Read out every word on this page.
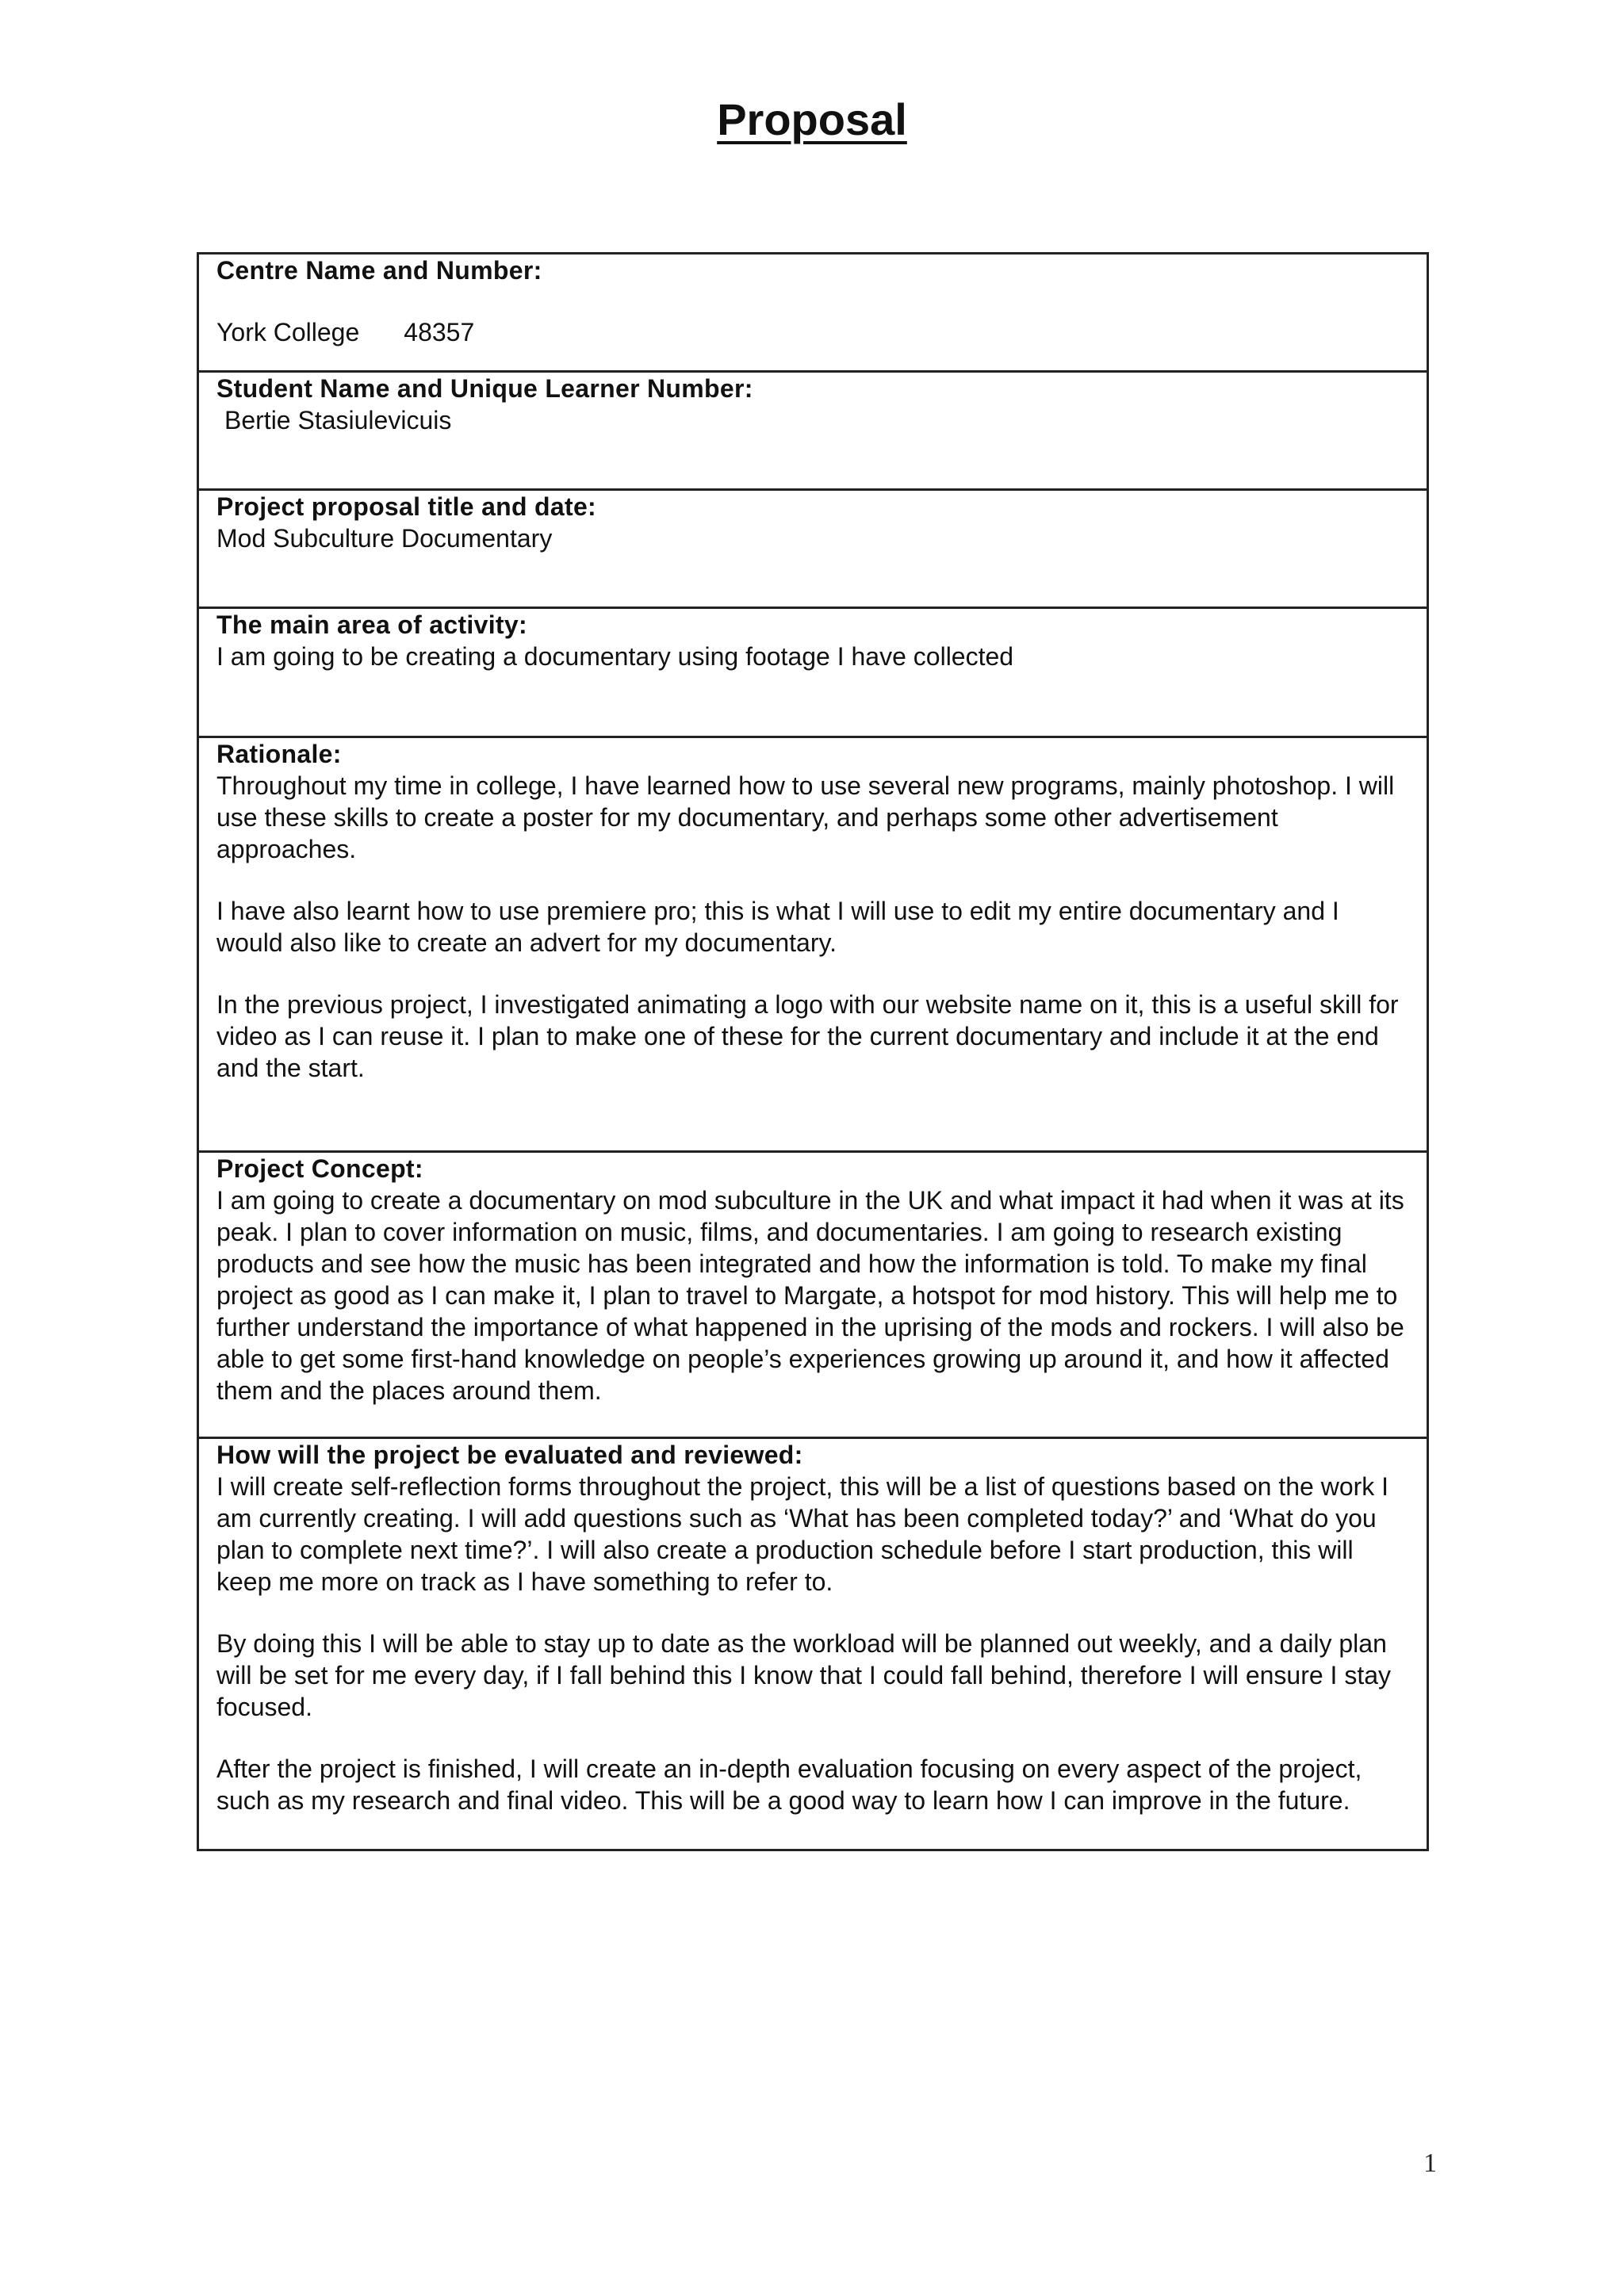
Proposal
Centre Name and Number:
York College 48357
Student Name and Unique Learner Number:
Bertie Stasiulevicuis
Project proposal title and date:
Mod Subculture Documentary
The main area of activity:
I am going to be creating a documentary using footage I have collected
Rationale:
Throughout my time in college, I have learned how to use several new programs, mainly photoshop. I will use these skills to create a poster for my documentary, and perhaps some other advertisement approaches.
I have also learnt how to use premiere pro; this is what I will use to edit my entire documentary and I would also like to create an advert for my documentary.
In the previous project, I investigated animating a logo with our website name on it, this is a useful skill for video as I can reuse it. I plan to make one of these for the current documentary and include it at the end and the start.
Project Concept:
I am going to create a documentary on mod subculture in the UK and what impact it had when it was at its peak. I plan to cover information on music, films, and documentaries. I am going to research existing products and see how the music has been integrated and how the information is told. To make my final project as good as I can make it, I plan to travel to Margate, a hotspot for mod history. This will help me to further understand the importance of what happened in the uprising of the mods and rockers. I will also be able to get some first-hand knowledge on people’s experiences growing up around it, and how it affected them and the places around them.
How will the project be evaluated and reviewed:
I will create self-reflection forms throughout the project, this will be a list of questions based on the work I am currently creating. I will add questions such as ‘What has been completed today?’ and ‘What do you plan to complete next time?’. I will also create a production schedule before I start production, this will keep me more on track as I have something to refer to.
By doing this I will be able to stay up to date as the workload will be planned out weekly, and a daily plan will be set for me every day, if I fall behind this I know that I could fall behind, therefore I will ensure I stay focused.
After the project is finished, I will create an in-depth evaluation focusing on every aspect of the project, such as my research and final video. This will be a good way to learn how I can improve in the future.
1
